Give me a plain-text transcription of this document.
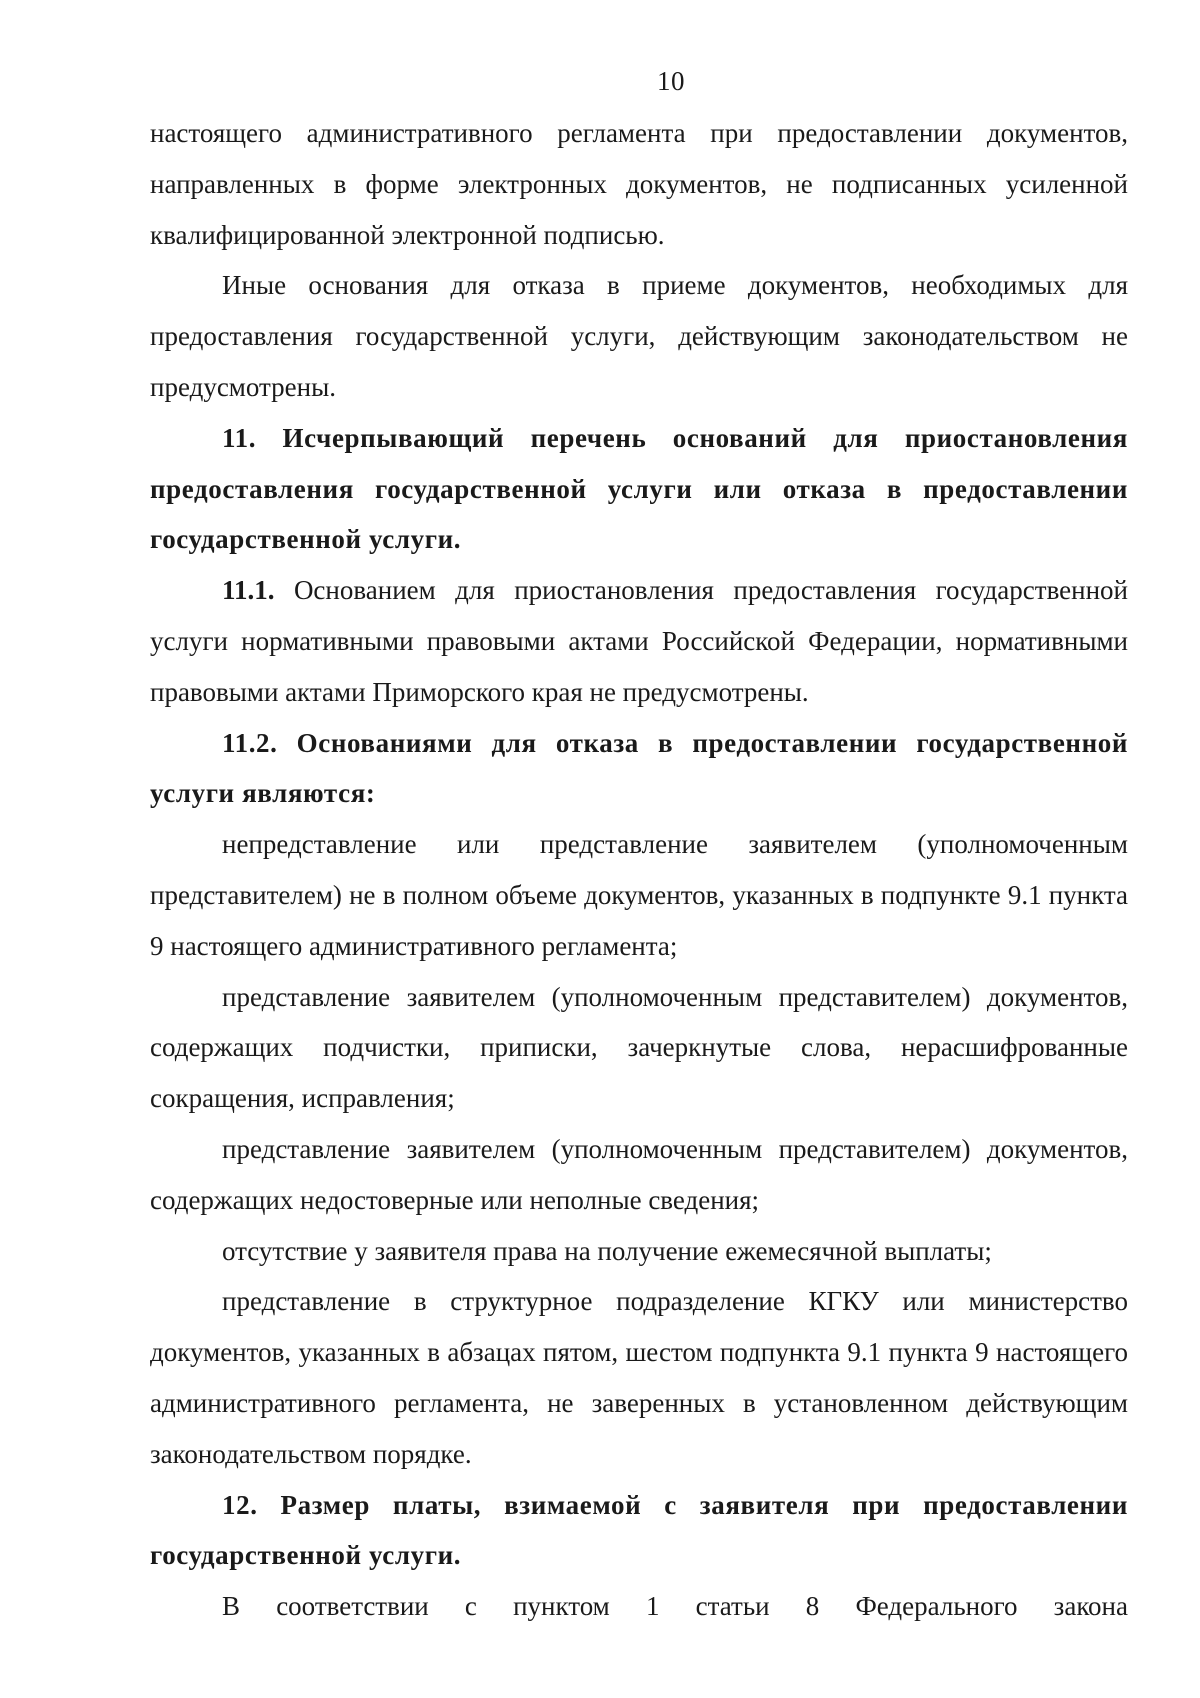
10

настоящего административного регламента при предоставлении документов, направленных в форме электронных документов, не подписанных усиленной квалифицированной электронной подписью.

Иные основания для отказа в приеме документов, необходимых для предоставления государственной услуги, действующим законодательством не предусмотрены.

11. Исчерпывающий перечень оснований для приостановления предоставления государственной услуги или отказа в предоставлении государственной услуги.

11.1. Основанием для приостановления предоставления государственной услуги нормативными правовыми актами Российской Федерации, нормативными правовыми актами Приморского края не предусмотрены.

11.2. Основаниями для отказа в предоставлении государственной услуги являются:

непредставление или представление заявителем (уполномоченным представителем) не в полном объеме документов, указанных в подпункте 9.1 пункта 9 настоящего административного регламента;

представление заявителем (уполномоченным представителем) документов, содержащих подчистки, приписки, зачеркнутые слова, нерасшифрованные сокращения, исправления;

представление заявителем (уполномоченным представителем) документов, содержащих недостоверные или неполные сведения;

отсутствие у заявителя права на получение ежемесячной выплаты;

представление в структурное подразделение КГКУ или министерство документов, указанных в абзацах пятом, шестом подпункта 9.1 пункта 9 настоящего административного регламента, не заверенных в установленном действующим законодательством порядке.

12. Размер платы, взимаемой с заявителя при предоставлении государственной услуги.

В соответствии с пунктом 1 статьи 8 Федерального закона
